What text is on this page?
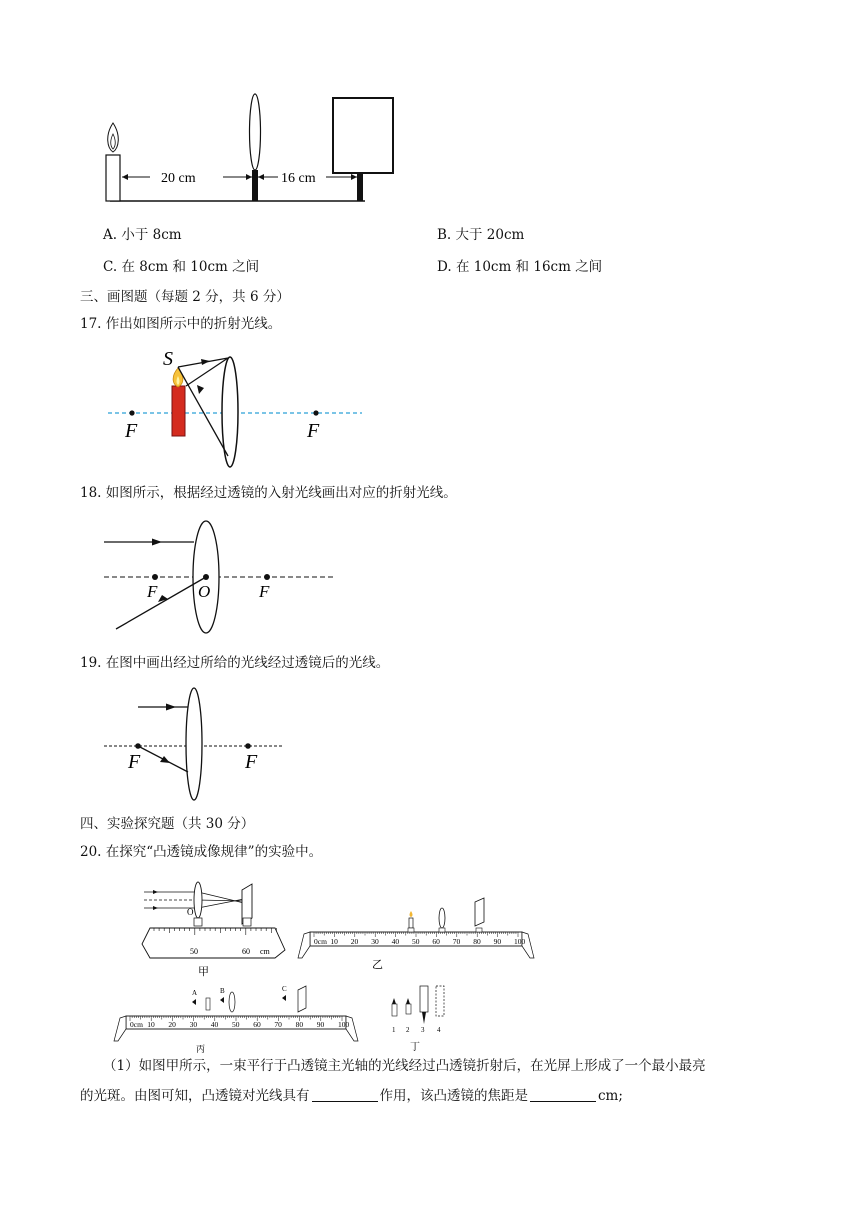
20 cm	16 cm
A. 小于 8cm	B. 大于 20cm
C. 在 8cm 和 10cm 之间	D. 在 10cm 和 16cm 之间
三、画图题（每题 2 分，共 6 分）
17. 作出如图所示中的折射光线。
S
F	F
18. 如图所示，根据经过透镜的入射光线画出对应的折射光线。
F O	F
19. 在图中画出经过所给的光线经过透镜后的光线。
F	F
四、实验探究题（共 30 分）
20. 在探究“凸透镜成像规律”的实验中。
O
50	60 cm
甲
0cm 10 20 30 40 50 60 70 80 90 100
乙
0cm 10 20 30 40 50 60 70 80 90 100
A	B	C
丙
1 2 3 4
丁
（1）如图甲所示，一束平行于凸透镜主光轴的光线经过凸透镜折射后，在光屏上形成了一个最小最亮
的光斑。由图可知，凸透镜对光线具有	作用，该凸透镜的焦距是	cm;
